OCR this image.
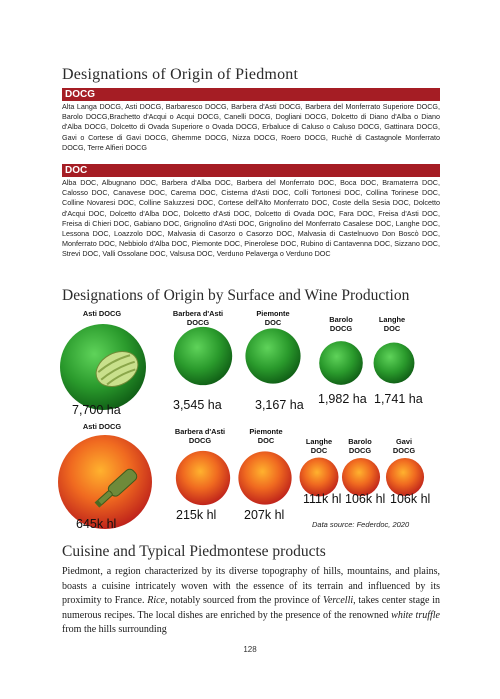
Designations of Origin of Piedmont
DOCG
Alta Langa DOCG, Asti DOCG, Barbaresco DOCG, Barbera d'Asti DOCG, Barbera del Monferrato Superiore DOCG, Barolo DOCG,Brachetto d'Acqui o Acqui DOCG, Canelli DOCG, Dogliani DOCG, Dolcetto di Diano d'Alba o Diano d'Alba DOCG, Dolcetto di Ovada Superiore o Ovada DOCG, Erbaluce di Caluso o Caluso DOCG, Gattinara DOCG, Gavi o Cortese di Gavi DOCG, Ghemme DOCG, Nizza DOCG, Roero DOCG, Ruchè di Castagnole Monferrato DOCG, Terre Alfieri DOCG
DOC
Alba DOC, Albugnano DOC, Barbera d'Alba DOC, Barbera del Monferrato DOC, Boca DOC, Bramaterra DOC, Calosso DOC, Canavese DOC, Carema DOC, Cisterna d'Asti DOC, Colli Tortonesi DOC, Collina Torinese DOC, Colline Novaresi DOC, Colline Saluzzesi DOC, Cortese dell'Alto Monferrato DOC, Coste della Sesia DOC, Dolcetto d'Acqui DOC, Dolcetto d'Alba DOC, Dolcetto d'Asti DOC, Dolcetto di Ovada DOC, Fara DOC, Freisa d'Asti DOC, Freisa di Chieri DOC, Gabiano DOC, Grignolino d'Asti DOC, Grignolino del Monferrato Casalese DOC, Langhe DOC, Lessona DOC, Loazzolo DOC, Malvasia di Casorzo o Casorzo DOC, Malvasia di Castelnuovo Don Boscò DOC, Monferrato DOC, Nebbiolo d'Alba DOC, Piemonte DOC, Pinerolese DOC, Rubino di Cantavenna DOC, Sizzano DOC, Strevi DOC, Valli Ossolane DOC, Valsusa DOC, Verduno Pelaverga o Verduno DOC
Designations of Origin by Surface and Wine Production
Asti DOCG	Barbera d'Asti
DOCG
Piemonte
DOC	Barolo
DOCG
Langhe
DOC
7,700 ha	3,545 ha	3,167 ha 1,982 ha 1,741 ha
Asti DOCG
Barbera d'Asti
DOCG
Piemonte
DOC	Langhe
DOC
Barolo
DOCG
Gavi
DOCG
645k hl
215k hl 207k hl
111k hl 106k hl 106k hl
Data source: Federdoc, 2020
Cuisine and Typical Piedmontese products
Piedmont, a region characterized by its diverse topography of hills, mountains, and plains, boasts a cuisine intricately woven with the essence of its terrain and influenced by its proximity to France. Rice, notably sourced from the province of Vercelli, takes center stage in numerous recipes. The local dishes are enriched by the presence of the renowned white truffle from the hills surrounding
128
